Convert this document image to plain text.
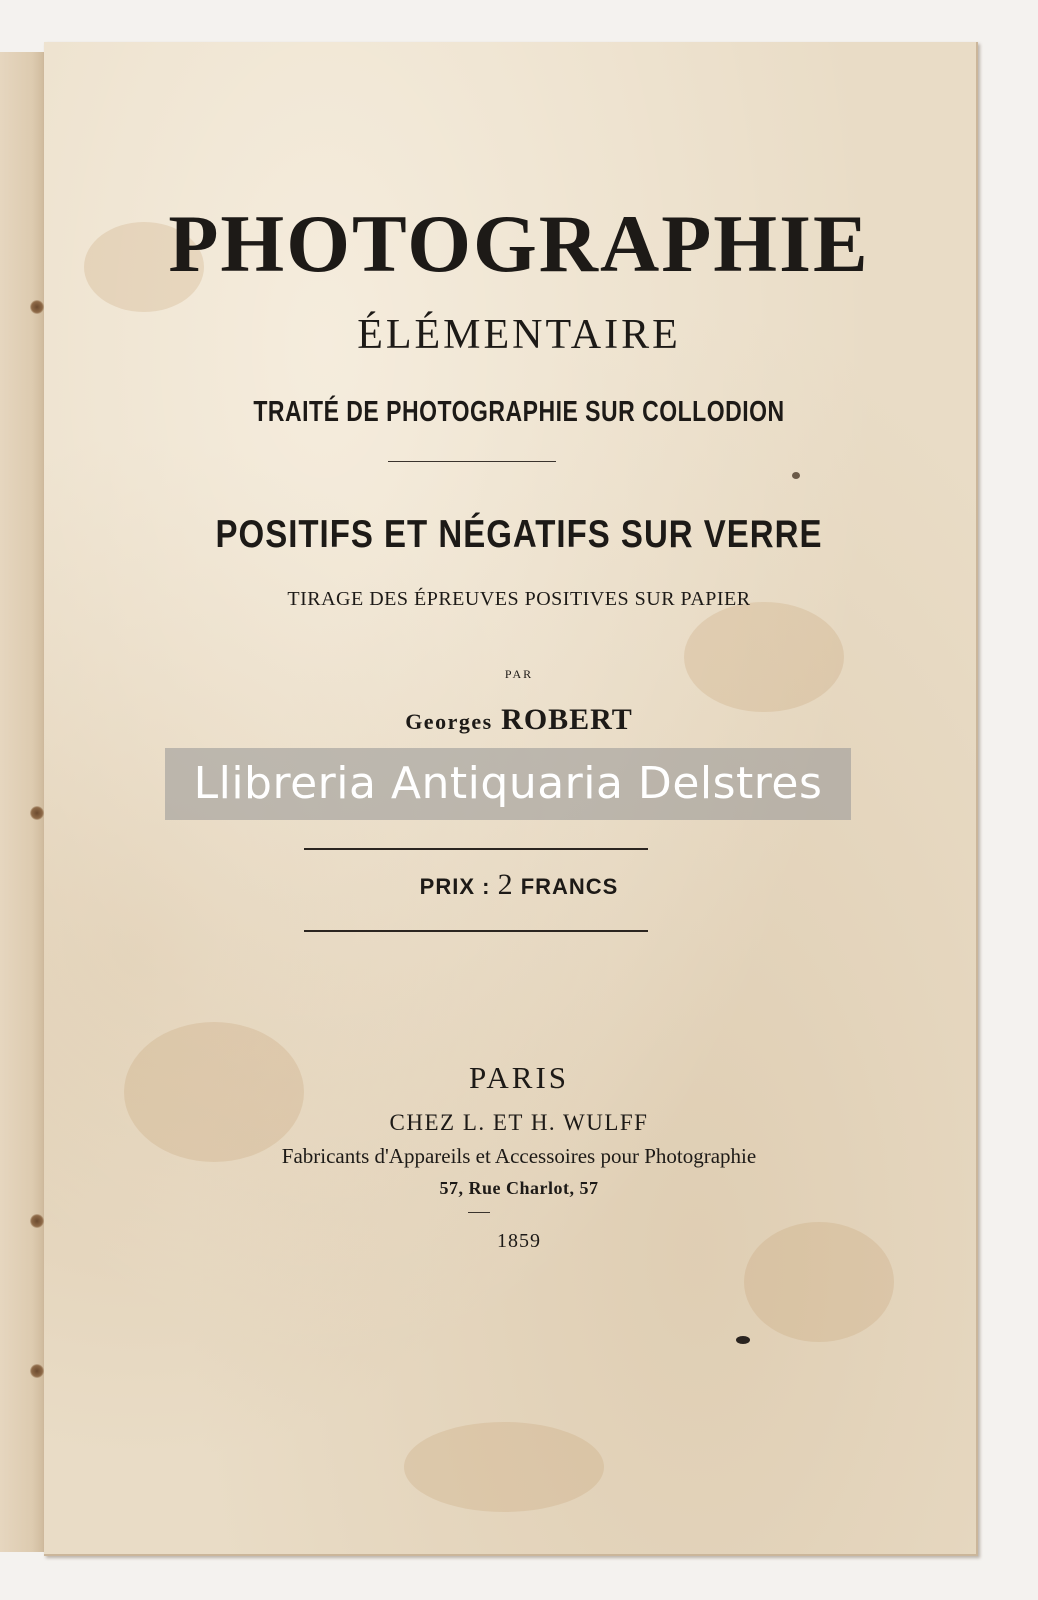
PHOTOGRAPHIE
ÉLÉMENTAIRE
TRAITÉ DE PHOTOGRAPHIE SUR COLLODION
POSITIFS ET NÉGATIFS SUR VERRE
TIRAGE DES ÉPREUVES POSITIVES SUR PAPIER
PAR
Georges ROBERT
Llibreria Antiquaria Delstres
PRIX : 2 FRANCS
PARIS
CHEZ L. ET H. WULFF
Fabricants d'Appareils et Accessoires pour Photographie
57, Rue Charlot, 57
1859
